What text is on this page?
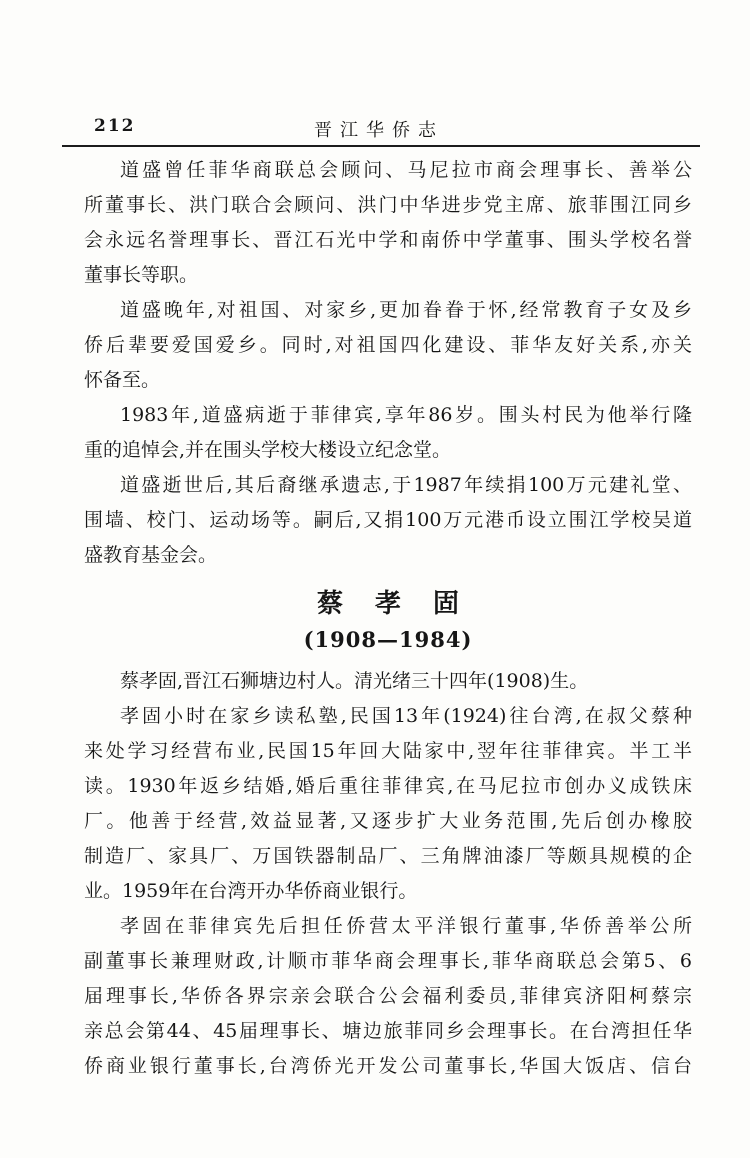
212	晋江华侨志
道盛曾任菲华商联总会顾问、马尼拉市商会理事长、善举公
所董事长、洪门联合会顾问、洪门中华进步党主席、旅菲围江同乡
会永远名誉理事长、晋江石光中学和南侨中学董事、围头学校名誉
董事长等职。
道盛晚年,对祖国、对家乡,更加眷眷于怀,经常教育子女及乡
侨后辈要爱国爱乡。同时,对祖国四化建设、菲华友好关系,亦关
怀备至。
1983年,道盛病逝于菲律宾,享年86岁。围头村民为他举行隆
重的追悼会,并在围头学校大楼设立纪念堂。
道盛逝世后,其后裔继承遗志,于1987年续捐100万元建礼堂、
围墙、校门、运动场等。嗣后,又捐100万元港币设立围江学校吴道
盛教育基金会。
蔡　孝　固
(1908—1984)
蔡孝固,晋江石狮塘边村人。清光绪三十四年(1908)生。
孝固小时在家乡读私塾,民国13年(1924)往台湾,在叔父蔡种
来处学习经营布业,民国15年回大陆家中,翌年往菲律宾。半工半
读。1930年返乡结婚,婚后重往菲律宾,在马尼拉市创办义成铁床
厂。他善于经营,效益显著,又逐步扩大业务范围,先后创办橡胶
制造厂、家具厂、万国铁器制品厂、三角牌油漆厂等颇具规模的企
业。1959年在台湾开办华侨商业银行。
孝固在菲律宾先后担任侨营太平洋银行董事,华侨善举公所
副董事长兼理财政,计顺市菲华商会理事长,菲华商联总会第5、6
届理事长,华侨各界宗亲会联合公会福利委员,菲律宾济阳柯蔡宗
亲总会第44、45届理事长、塘边旅菲同乡会理事长。在台湾担任华
侨商业银行董事长,台湾侨光开发公司董事长,华国大饭店、信台
